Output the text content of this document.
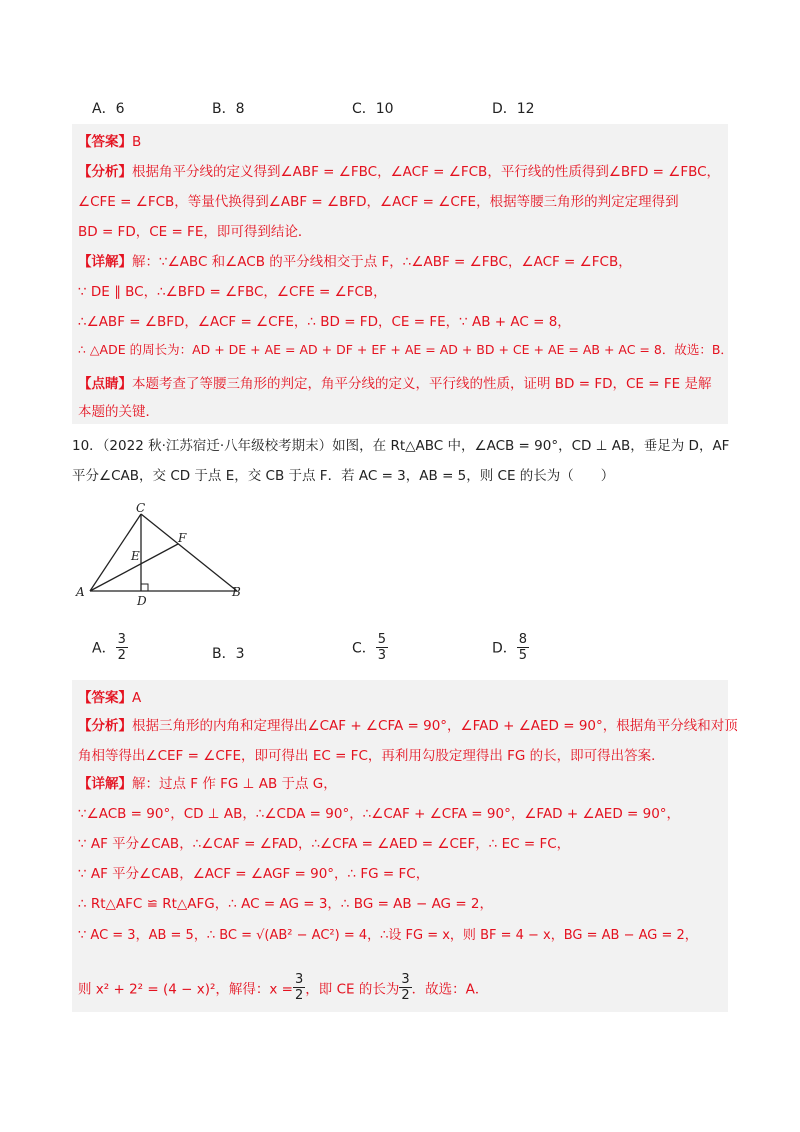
A．6	B．8	C．10	D．12
【答案】B
【分析】根据角平分线的定义得到∠ABF = ∠FBC，∠ACF = ∠FCB，平行线的性质得到∠BFD = ∠FBC，
∠CFE = ∠FCB，等量代换得到∠ABF = ∠BFD，∠ACF = ∠CFE，根据等腰三角形的判定定理得到
BD = FD，CE = FE，即可得到结论．
【详解】解：∵∠ABC 和∠ACB 的平分线相交于点 F，∴∠ABF = ∠FBC，∠ACF = ∠FCB，
∵ DE ∥ BC，∴∠BFD = ∠FBC，∠CFE = ∠FCB，
∴∠ABF = ∠BFD，∠ACF = ∠CFE，∴ BD = FD，CE = FE，∵ AB + AC = 8，
∴ △ADE 的周长为：AD + DE + AE = AD + DF + EF + AE = AD + BD + CE + AE = AB + AC = 8．故选：B．
【点睛】本题考查了等腰三角形的判定，角平分线的定义，平行线的性质，证明 BD = FD，CE = FE 是解
本题的关键．
10．（2022 秋·江苏宿迁·八年级校考期末）如图，在 Rt△ABC 中，∠ACB = 90°，CD ⊥ AB，垂足为 D，AF
平分∠CAB，交 CD 于点 E，交 CB 于点 F．若 AC = 3，AB = 5，则 CE 的长为（　　）
C
F
E
A
D
B
A． $\frac{3}{2}$	B．3	C． $\frac{5}{3}$	D． $\frac{8}{5}$
【答案】A
【分析】根据三角形的内角和定理得出∠CAF + ∠CFA = 90°，∠FAD + ∠AED = 90°，根据角平分线和对顶
角相等得出∠CEF = ∠CFE，即可得出 EC = FC，再利用勾股定理得出 FG 的长，即可得出答案．
【详解】解：过点 F 作 FG ⊥ AB 于点 G，
∵∠ACB = 90°，CD ⊥ AB，∴∠CDA = 90°，∴∠CAF + ∠CFA = 90°，∠FAD + ∠AED = 90°，
∵ AF 平分∠CAB，∴∠CAF = ∠FAD，∴∠CFA = ∠AED = ∠CEF，∴ EC = FC，
∵ AF 平分∠CAB，∠ACF = ∠AGF = 90°，∴ FG = FC，
∴ Rt△AFC ≌ Rt△AFG，∴ AC = AG = 3，∴ BG = AB − AG = 2，
∵ AC = 3，AB = 5，∴ BC = √(AB² − AC²) = 4，∴设 FG = x，则 BF = 4 − x，BG = AB − AG = 2，
则 x² + 2² = (4 − x)²，解得：$x = \frac{3}{2}$ ，即 CE 的长为 $\frac{3}{2}$ ．故选：A．
